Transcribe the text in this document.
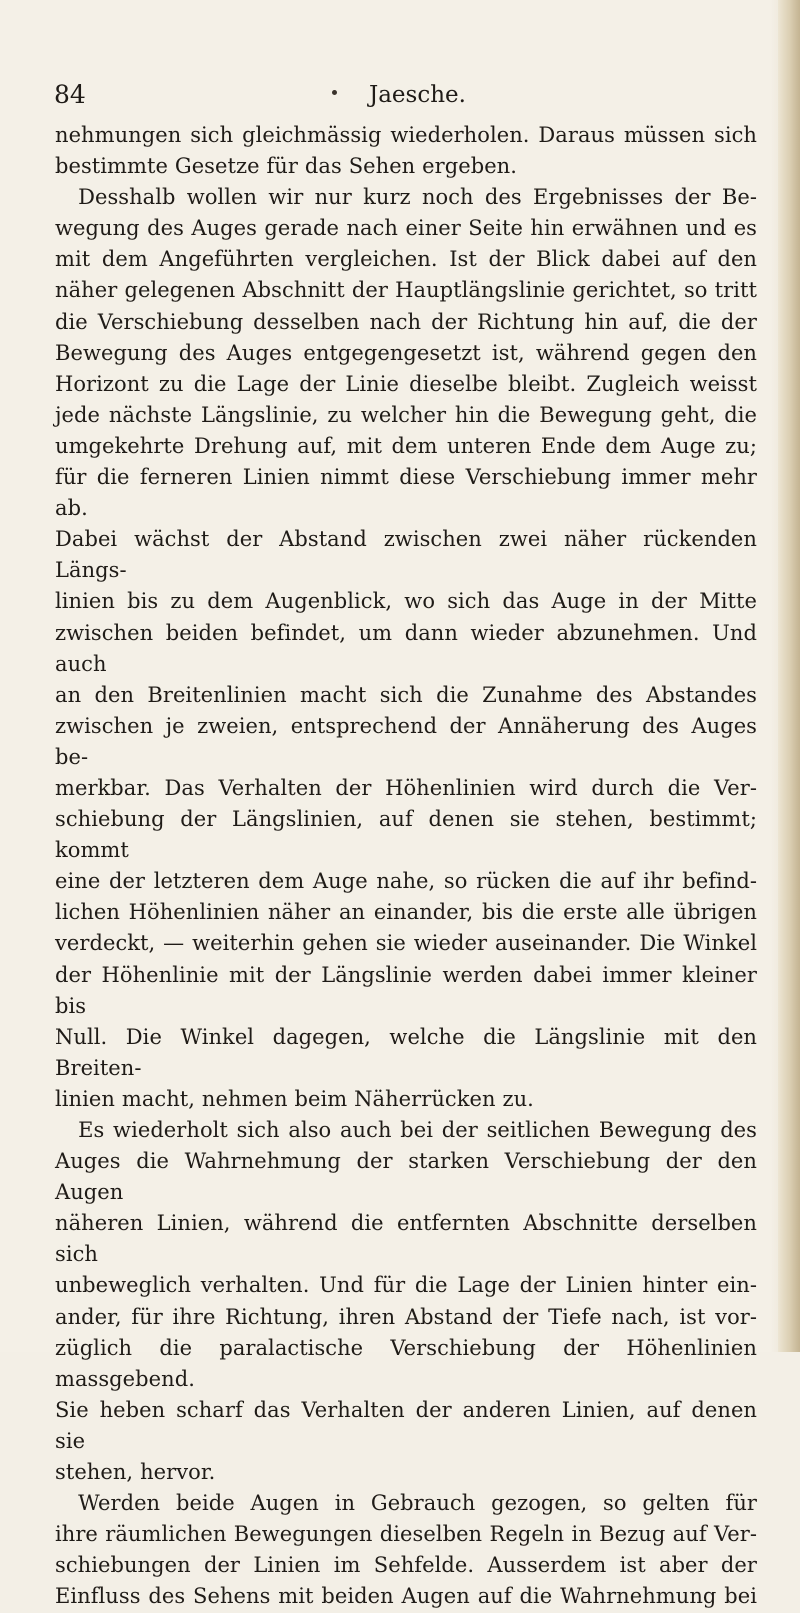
84	Jaesche.

nehmungen sich gleichmässig wiederholen. Daraus müssen sich

bestimmte Gesetze für das Sehen ergeben.

Desshalb wollen wir nur kurz noch des Ergebnisses der Be-

wegung des Auges gerade nach einer Seite hin erwähnen und es

mit dem Angeführten vergleichen. Ist der Blick dabei auf den

näher gelegenen Abschnitt der Hauptlängslinie gerichtet, so tritt

die Verschiebung desselben nach der Richtung hin auf, die der

Bewegung des Auges entgegengesetzt ist, während gegen den

Horizont zu die Lage der Linie dieselbe bleibt. Zugleich weisst

jede nächste Längslinie, zu welcher hin die Bewegung geht, die

umgekehrte Drehung auf, mit dem unteren Ende dem Auge zu;

für die ferneren Linien nimmt diese Verschiebung immer mehr ab.

Dabei wächst der Abstand zwischen zwei näher rückenden Längs-

linien bis zu dem Augenblick, wo sich das Auge in der Mitte

zwischen beiden befindet, um dann wieder abzunehmen. Und auch

an den Breitenlinien macht sich die Zunahme des Abstandes

zwischen je zweien, entsprechend der Annäherung des Auges be-

merkbar. Das Verhalten der Höhenlinien wird durch die Ver-

schiebung der Längslinien, auf denen sie stehen, bestimmt; kommt

eine der letzteren dem Auge nahe, so rücken die auf ihr befind-

lichen Höhenlinien näher an einander, bis die erste alle übrigen

verdeckt, — weiterhin gehen sie wieder auseinander. Die Winkel

der Höhenlinie mit der Längslinie werden dabei immer kleiner bis

Null. Die Winkel dagegen, welche die Längslinie mit den Breiten-

linien macht, nehmen beim Näherrücken zu.

Es wiederholt sich also auch bei der seitlichen Bewegung des

Auges die Wahrnehmung der starken Verschiebung der den Augen

näheren Linien, während die entfernten Abschnitte derselben sich

unbeweglich verhalten. Und für die Lage der Linien hinter ein-

ander, für ihre Richtung, ihren Abstand der Tiefe nach, ist vor-

züglich die paralactische Verschiebung der Höhenlinien massgebend.

Sie heben scharf das Verhalten der anderen Linien, auf denen sie

stehen, hervor.

Werden beide Augen in Gebrauch gezogen, so gelten für

ihre räumlichen Bewegungen dieselben Regeln in Bezug auf Ver-

schiebungen der Linien im Sehfelde. Ausserdem ist aber der

Einfluss des Sehens mit beiden Augen auf die Wahrnehmung bei
